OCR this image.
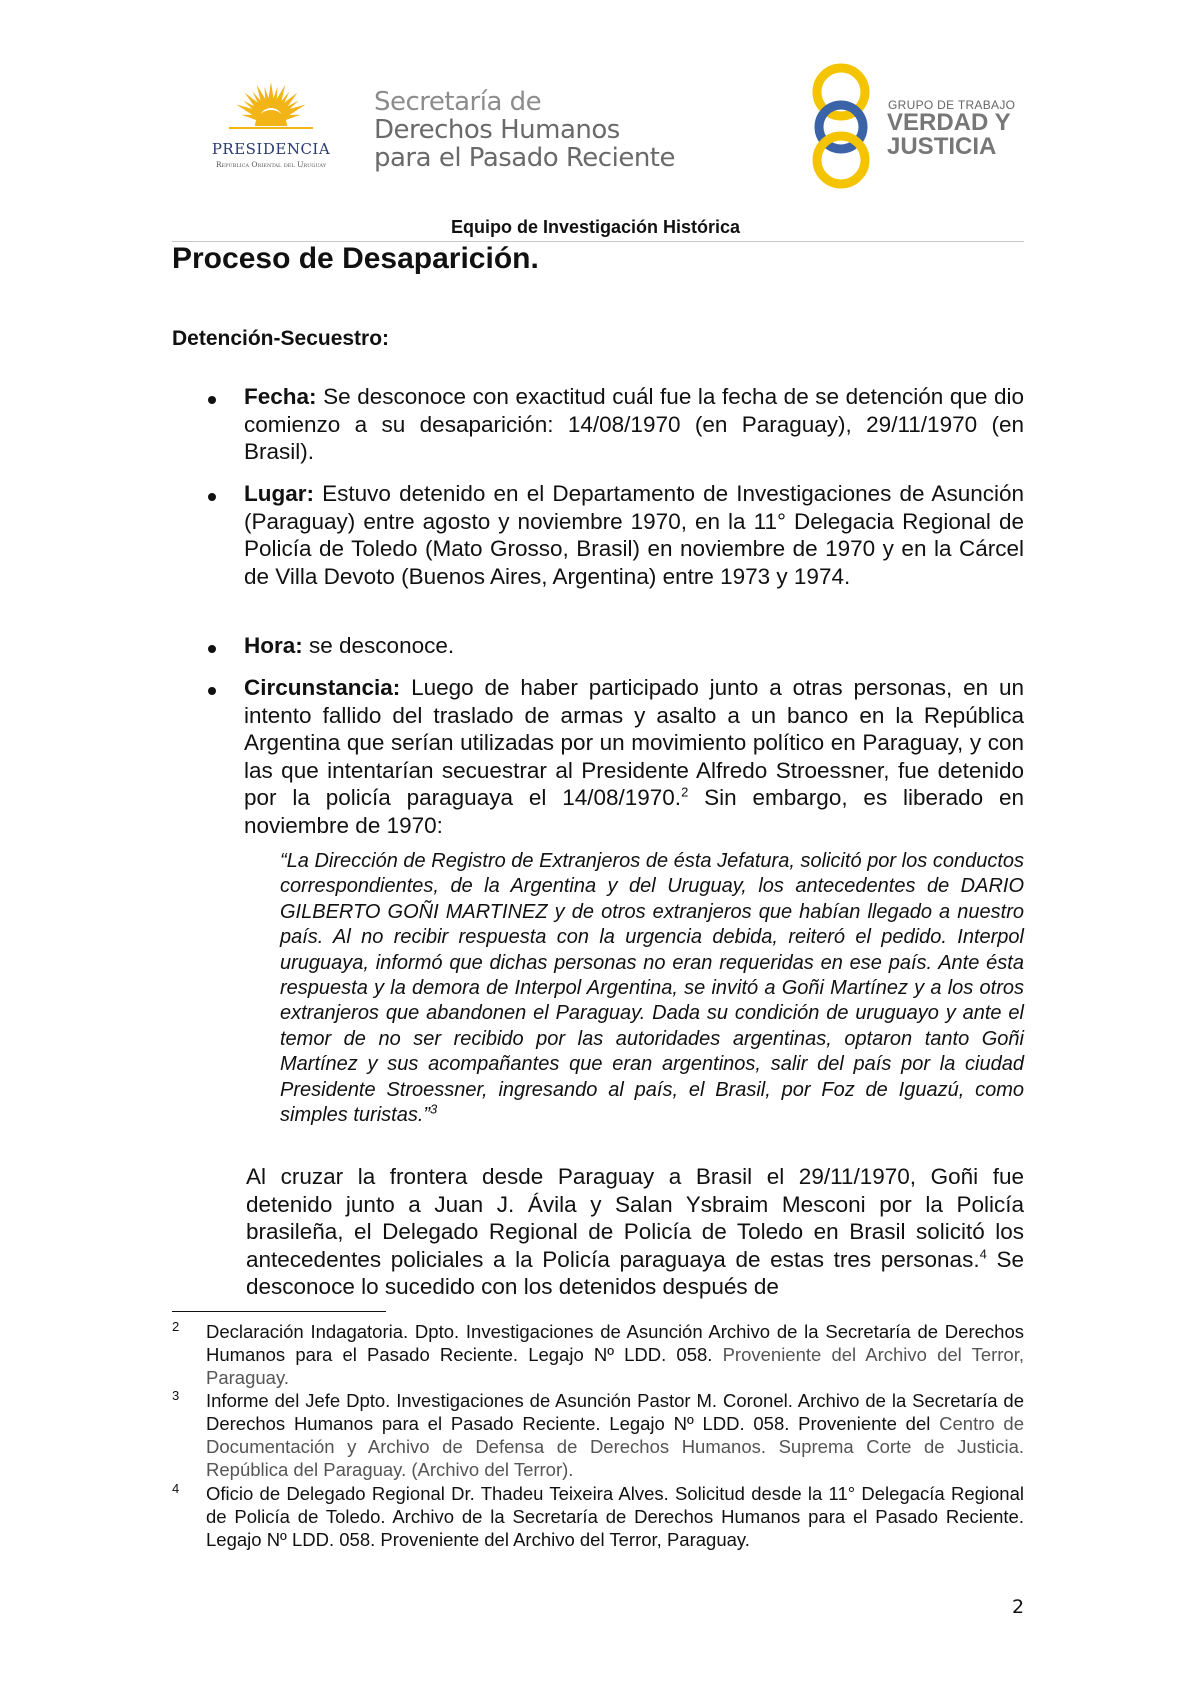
PRESIDENCIA
República Oriental del Uruguay
Secretaría de
Derechos Humanos
para el Pasado Reciente
GRUPO DE TRABAJO
VERDAD Y
JUSTICIA
Equipo de Investigación Histórica
Proceso de Desaparición.
Detención-Secuestro:
Fecha: Se desconoce con exactitud cuál fue la fecha de se detención que dio comienzo a su desaparición: 14/08/1970 (en Paraguay), 29/11/1970 (en Brasil).
Lugar: Estuvo detenido en el Departamento de Investigaciones de Asunción (Paraguay) entre agosto y noviembre 1970, en la 11° Delegacia Regional de Policía de Toledo (Mato Grosso, Brasil) en noviembre de 1970 y en la Cárcel de Villa Devoto (Buenos Aires, Argentina) entre 1973 y 1974.
Hora: se desconoce.
Circunstancia: Luego de haber participado junto a otras personas, en un intento fallido del traslado de armas y asalto a un banco en la República Argentina que serían utilizadas por un movimiento político en Paraguay, y con las que intentarían secuestrar al Presidente Alfredo Stroessner, fue detenido por la policía paraguaya el 14/08/1970.$^2$ Sin embargo, es liberado en noviembre de 1970:
“La Dirección de Registro de Extranjeros de ésta Jefatura, solicitó por los conductos correspondientes, de la Argentina y del Uruguay, los antecedentes de DARIO GILBERTO GOÑI MARTINEZ y de otros extranjeros que habían llegado a nuestro país. Al no recibir respuesta con la urgencia debida, reiteró el pedido. Interpol uruguaya, informó que dichas personas no eran requeridas en ese país. Ante ésta respuesta y la demora de Interpol Argentina, se invitó a Goñi Martínez y a los otros extranjeros que abandonen el Paraguay. Dada su condición de uruguayo y ante el temor de no ser recibido por las autoridades argentinas, optaron tanto Goñi Martínez y sus acompañantes que eran argentinos, salir del país por la ciudad Presidente Stroessner, ingresando al país, el Brasil, por Foz de Iguazú, como simples turistas.”$^3$
Al cruzar la frontera desde Paraguay a Brasil el 29/11/1970, Goñi fue detenido junto a Juan J. Ávila y Salan Ysbraim Mesconi por la Policía brasileña, el Delegado Regional de Policía de Toledo en Brasil solicitó los antecedentes policiales a la Policía paraguaya de estas tres personas.$^4$ Se desconoce lo sucedido con los detenidos después de
2 Declaración Indagatoria. Dpto. Investigaciones de Asunción Archivo de la Secretaría de Derechos Humanos para el Pasado Reciente. Legajo Nº LDD. 058. Proveniente del Archivo del Terror, Paraguay.
3 Informe del Jefe Dpto. Investigaciones de Asunción Pastor M. Coronel. Archivo de la Secretaría de Derechos Humanos para el Pasado Reciente. Legajo Nº LDD. 058. Proveniente del Centro de Documentación y Archivo de Defensa de Derechos Humanos. Suprema Corte de Justicia. República del Paraguay. (Archivo del Terror).
4 Oficio de Delegado Regional Dr. Thadeu Teixeira Alves. Solicitud desde la 11° Delegacía Regional de Policía de Toledo. Archivo de la Secretaría de Derechos Humanos para el Pasado Reciente. Legajo Nº LDD. 058. Proveniente del Archivo del Terror, Paraguay.
2
